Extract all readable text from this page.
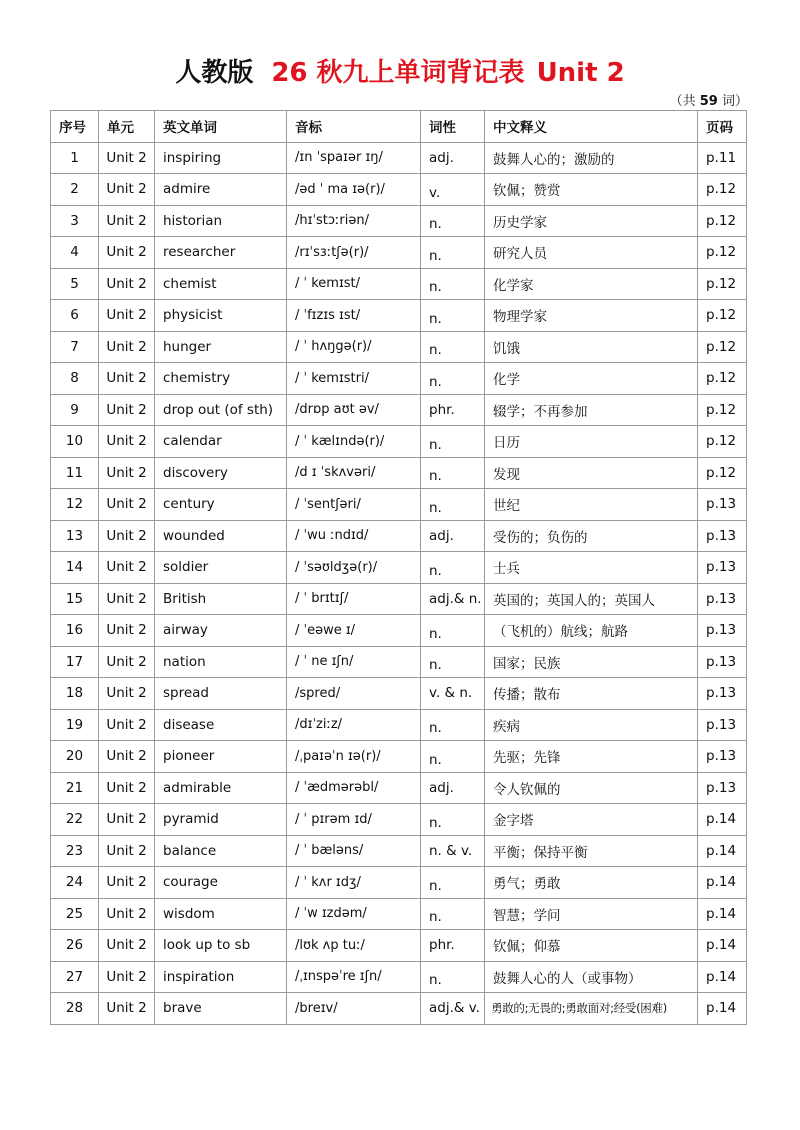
人教版 26 秋九上单词背记表 Unit 2
（共 59 词）
序号	单元	英文单词	音标	词性	中文释义	页码
1	Unit 2	inspiring	/ɪn ˈspaɪər ɪŋ/	adj.	鼓舞人心的；激励的	p.11
2	Unit 2	admire	/əd ˈ ma ɪə(r)/	v.	钦佩；赞赏	p.12
3	Unit 2	historian	/hɪˈstɔːriən/	n.	历史学家	p.12
4	Unit 2	researcher	/rɪˈsɜːtʃə(r)/	n.	研究人员	p.12
5	Unit 2	chemist	/ ˈ kemɪst/	n.	化学家	p.12
6	Unit 2	physicist	/ ˈfɪzɪs ɪst/	n.	物理学家	p.12
7	Unit 2	hunger	/ ˈ hʌŋgə(r)/	n.	饥饿	p.12
8	Unit 2	chemistry	/ ˈ kemɪstri/	n.	化学	p.12
9	Unit 2	drop out (of sth)	/drɒp aʊt əv/	phr.	辍学；不再参加	p.12
10	Unit 2	calendar	/ ˈ kælɪndə(r)/	n.	日历	p.12
11	Unit 2	discovery	/d ɪ ˈskʌvəri/	n.	发现	p.12
12	Unit 2	century	/ ˈsentʃəri/	n.	世纪	p.13
13	Unit 2	wounded	/ ˈwu ːndɪd/	adj.	受伤的；负伤的	p.13
14	Unit 2	soldier	/ ˈsəʊldʒə(r)/	n.	士兵	p.13
15	Unit 2	British	/ ˈ brɪtɪʃ/	adj.& n.	英国的；英国人的；英国人	p.13
16	Unit 2	airway	/ ˈeəwe ɪ/	n.	（飞机的）航线；航路	p.13
17	Unit 2	nation	/ ˈ ne ɪʃn/	n.	国家；民族	p.13
18	Unit 2	spread	/spred/	v. & n.	传播；散布	p.13
19	Unit 2	disease	/dɪˈziːz/	n.	疾病	p.13
20	Unit 2	pioneer	/ˌpaɪəˈn ɪə(r)/	n.	先驱；先锋	p.13
21	Unit 2	admirable	/ ˈædmərəbl/	adj.	令人钦佩的	p.13
22	Unit 2	pyramid	/ ˈ pɪrəm ɪd/	n.	金字塔	p.14
23	Unit 2	balance	/ ˈ bæləns/	n. & v.	平衡；保持平衡	p.14
24	Unit 2	courage	/ ˈ kʌr ɪdʒ/	n.	勇气；勇敢	p.14
25	Unit 2	wisdom	/ ˈw ɪzdəm/	n.	智慧；学问	p.14
26	Unit 2	look up to sb	/lʊk ʌp tuː/	phr.	钦佩；仰慕	p.14
27	Unit 2	inspiration	/ˌɪnspəˈre ɪʃn/	n.	鼓舞人心的人（或事物）	p.14
28	Unit 2	brave	/breɪv/	adj.& v.	勇敢的;无畏的;勇敢面对;经受(困难)	p.14
